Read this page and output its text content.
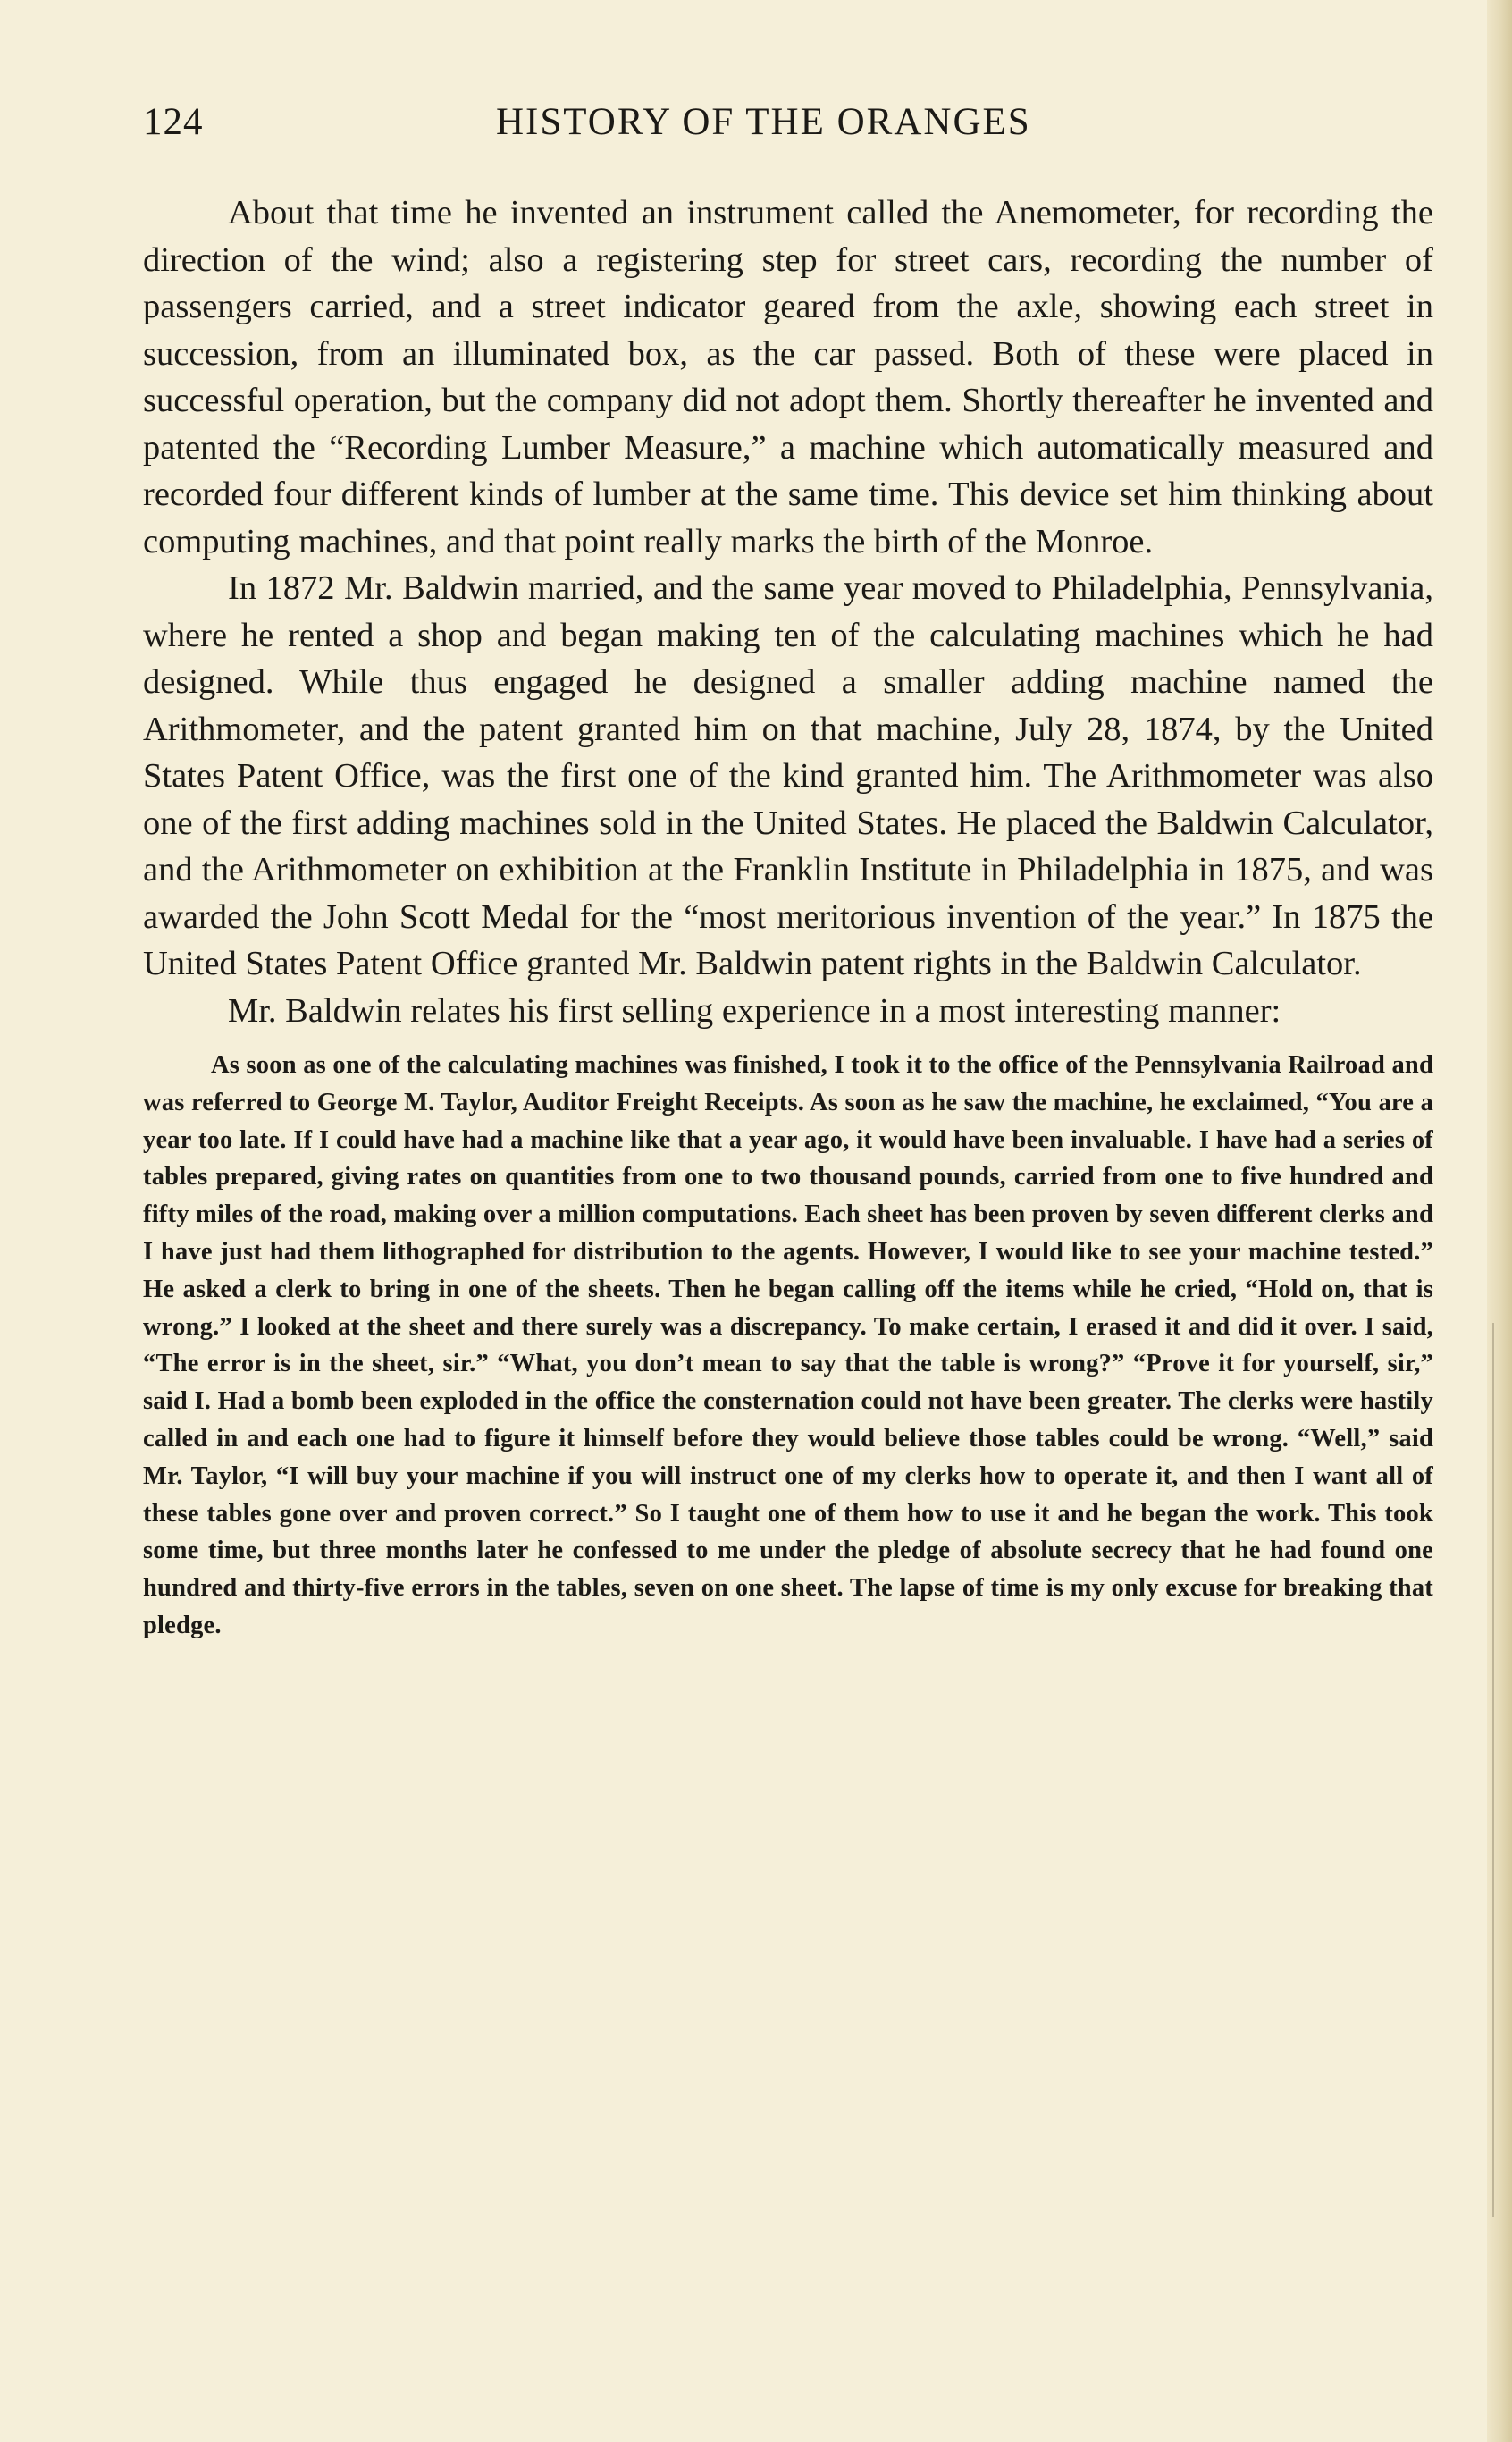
124	HISTORY OF THE ORANGES

About that time he invented an instrument called the Anemometer, for recording the direction of the wind; also a registering step for street cars, recording the number of passengers carried, and a street indicator geared from the axle, showing each street in succession, from an illuminated box, as the car passed. Both of these were placed in successful operation, but the company did not adopt them. Shortly thereafter he invented and patented the “Recording Lumber Measure,” a machine which automatically measured and recorded four different kinds of lumber at the same time. This device set him thinking about computing machines, and that point really marks the birth of the Monroe.

In 1872 Mr. Baldwin married, and the same year moved to Philadelphia, Pennsylvania, where he rented a shop and began making ten of the calculating machines which he had designed. While thus engaged he designed a smaller adding machine named the Arithmometer, and the patent granted him on that machine, July 28, 1874, by the United States Patent Office, was the first one of the kind granted him. The Arithmometer was also one of the first adding machines sold in the United States. He placed the Baldwin Calculator, and the Arithmometer on exhibition at the Franklin Institute in Philadelphia in 1875, and was awarded the John Scott Medal for the “most meritorious invention of the year.” In 1875 the United States Patent Office granted Mr. Baldwin patent rights in the Baldwin Calculator.

Mr. Baldwin relates his first selling experience in a most interesting manner:

As soon as one of the calculating machines was finished, I took it to the office of the Pennsylvania Railroad and was referred to George M. Taylor, Auditor Freight Receipts. As soon as he saw the machine, he exclaimed, “You are a year too late. If I could have had a machine like that a year ago, it would have been invaluable. I have had a series of tables prepared, giving rates on quantities from one to two thousand pounds, carried from one to five hundred and fifty miles of the road, making over a million computations. Each sheet has been proven by seven different clerks and I have just had them lithographed for distribution to the agents. However, I would like to see your machine tested.” He asked a clerk to bring in one of the sheets. Then he began calling off the items while he cried, “Hold on, that is wrong.” I looked at the sheet and there surely was a discrepancy. To make certain, I erased it and did it over. I said, “The error is in the sheet, sir.” “What, you don’t mean to say that the table is wrong?” “Prove it for yourself, sir,” said I. Had a bomb been exploded in the office the consternation could not have been greater. The clerks were hastily called in and each one had to figure it himself before they would believe those tables could be wrong. “Well,” said Mr. Taylor, “I will buy your machine if you will instruct one of my clerks how to operate it, and then I want all of these tables gone over and proven correct.” So I taught one of them how to use it and he began the work. This took some time, but three months later he confessed to me under the pledge of absolute secrecy that he had found one hundred and thirty-five errors in the tables, seven on one sheet. The lapse of time is my only excuse for breaking that pledge.
